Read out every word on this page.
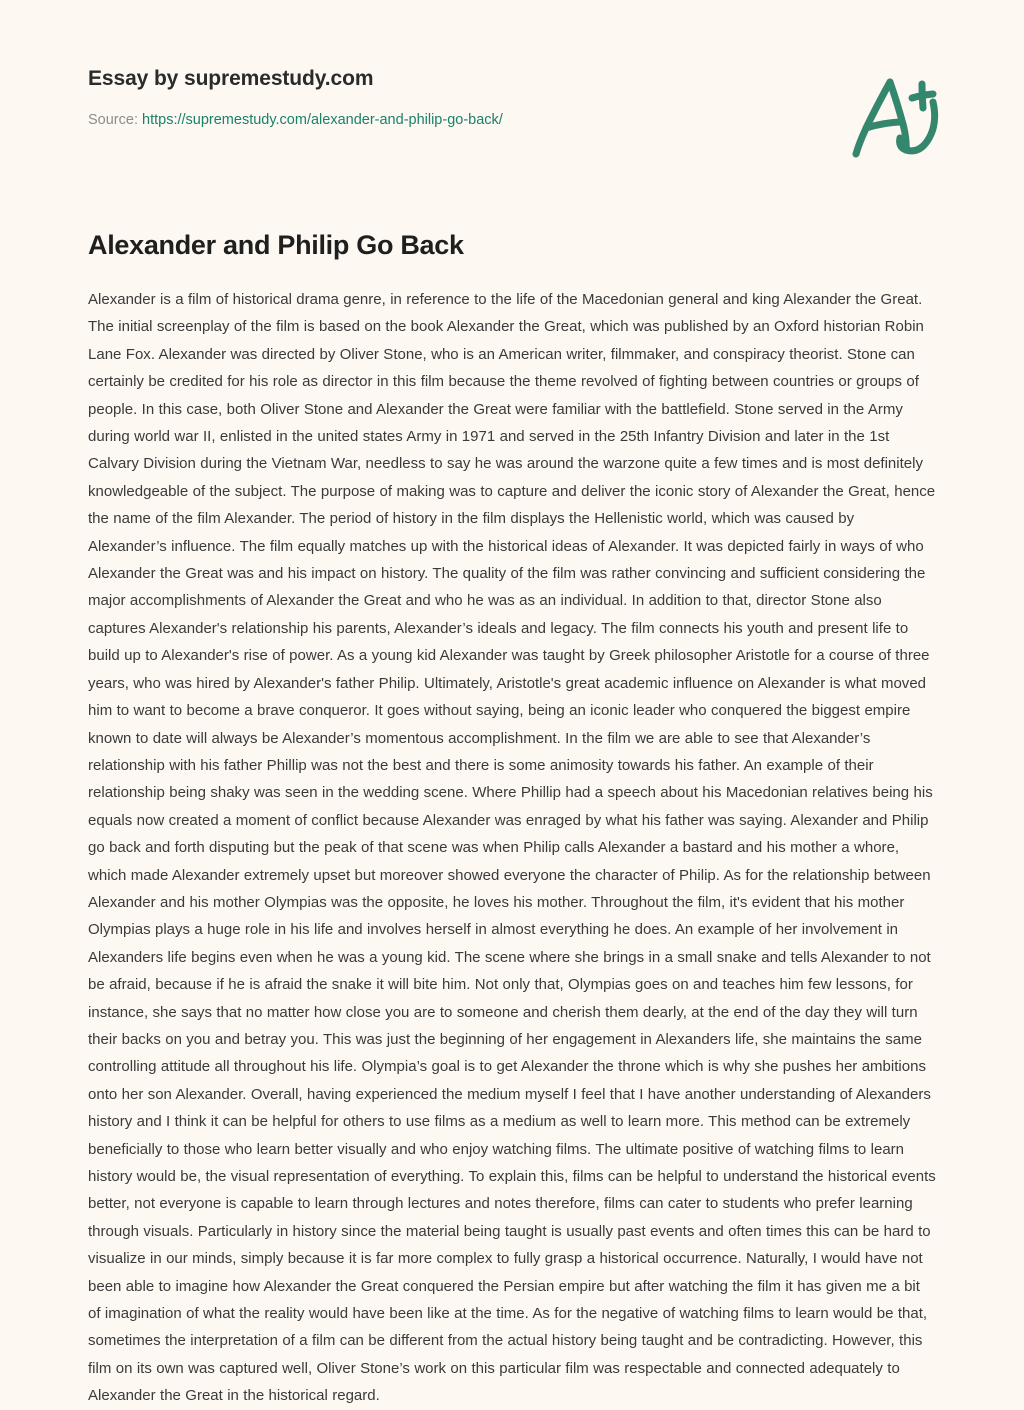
Essay by supremestudy.com
Source: https://supremestudy.com/alexander-and-philip-go-back/
Alexander and Philip Go Back

Alexander is a film of historical drama genre, in reference to the life of the Macedonian general and king Alexander the Great. The initial screenplay of the film is based on the book Alexander the Great, which was published by an Oxford historian Robin Lane Fox. Alexander was directed by Oliver Stone, who is an American writer, filmmaker, and conspiracy theorist. Stone can certainly be credited for his role as director in this film because the theme revolved of fighting between countries or groups of people. In this case, both Oliver Stone and Alexander the Great were familiar with the battlefield. Stone served in the Army during world war II, enlisted in the united states Army in 1971 and served in the 25th Infantry Division and later in the 1st Calvary Division during the Vietnam War, needless to say he was around the warzone quite a few times and is most definitely knowledgeable of the subject. The purpose of making was to capture and deliver the iconic story of Alexander the Great, hence the name of the film Alexander. The period of history in the film displays the Hellenistic world, which was caused by Alexander’s influence. The film equally matches up with the historical ideas of Alexander. It was depicted fairly in ways of who Alexander the Great was and his impact on history. The quality of the film was rather convincing and sufficient considering the major accomplishments of Alexander the Great and who he was as an individual. In addition to that, director Stone also captures Alexander's relationship his parents, Alexander’s ideals and legacy. The film connects his youth and present life to build up to Alexander's rise of power. As a young kid Alexander was taught by Greek philosopher Aristotle for a course of three years, who was hired by Alexander's father Philip. Ultimately, Aristotle's great academic influence on Alexander is what moved him to want to become a brave conqueror. It goes without saying, being an iconic leader who conquered the biggest empire known to date will always be Alexander’s momentous accomplishment. In the film we are able to see that Alexander’s relationship with his father Phillip was not the best and there is some animosity towards his father. An example of their relationship being shaky was seen in the wedding scene. Where Phillip had a speech about his Macedonian relatives being his equals now created a moment of conflict because Alexander was enraged by what his father was saying. Alexander and Philip go back and forth disputing but the peak of that scene was when Philip calls Alexander a bastard and his mother a whore, which made Alexander extremely upset but moreover showed everyone the character of Philip. As for the relationship between Alexander and his mother Olympias was the opposite, he loves his mother. Throughout the film, it's evident that his mother Olympias plays a huge role in his life and involves herself in almost everything he does. An example of her involvement in Alexanders life begins even when he was a young kid. The scene where she brings in a small snake and tells Alexander to not be afraid, because if he is afraid the snake it will bite him. Not only that, Olympias goes on and teaches him few lessons, for instance, she says that no matter how close you are to someone and cherish them dearly, at the end of the day they will turn their backs on you and betray you. This was just the beginning of her engagement in Alexanders life, she maintains the same controlling attitude all throughout his life. Olympia’s goal is to get Alexander the throne which is why she pushes her ambitions onto her son Alexander. Overall, having experienced the medium myself I feel that I have another understanding of Alexanders history and I think it can be helpful for others to use films as a medium as well to learn more. This method can be extremely beneficially to those who learn better visually and who enjoy watching films. The ultimate positive of watching films to learn history would be, the visual representation of everything. To explain this, films can be helpful to understand the historical events better, not everyone is capable to learn through lectures and notes therefore, films can cater to students who prefer learning through visuals. Particularly in history since the material being taught is usually past events and often times this can be hard to visualize in our minds, simply because it is far more complex to fully grasp a historical occurrence. Naturally, I would have not been able to imagine how Alexander the Great conquered the Persian empire but after watching the film it has given me a bit of imagination of what the reality would have been like at the time. As for the negative of watching films to learn would be that, sometimes the interpretation of a film can be different from the actual history being taught and be contradicting. However, this film on its own was captured well, Oliver Stone’s work on this particular film was respectable and connected adequately to Alexander the Great in the historical regard.
